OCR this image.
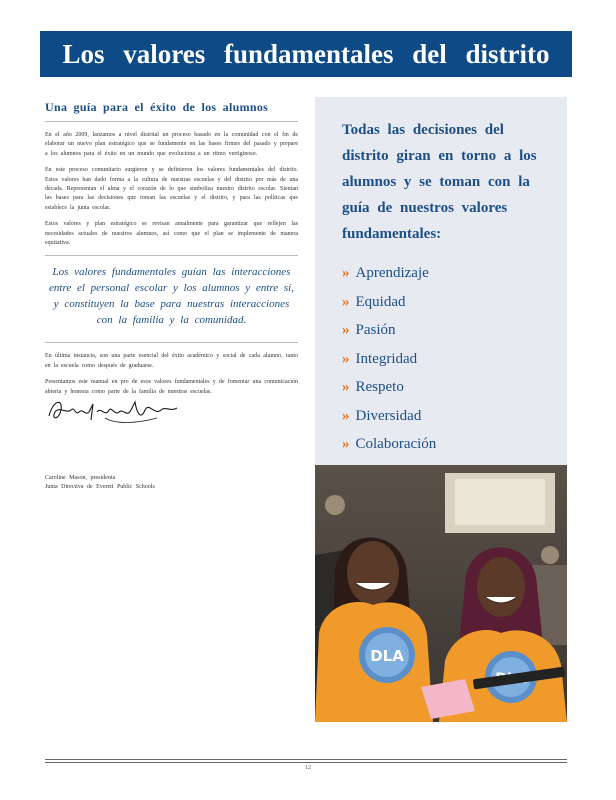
Los valores fundamentales del distrito
Una guía para el éxito de los alumnos

En el año 2009, lanzamos a nivel distrital un proceso basado en la comunidad con el fin de elaborar un nuevo plan estratégico que se fundamente en las bases firmes del pasado y prepare a los alumnos para el éxito en un mundo que evoluciona a un ritmo vertiginoso.

En este proceso comunitario surgieron y se definieron los valores fundamentales del distrito. Estos valores han dado forma a la cultura de nuestras escuelas y del distrito por más de una década. Representan el alma y el corazón de lo que simboliza nuestro distrito escolar. Sientan las bases para las decisiones que toman las escuelas y el distrito, y para las políticas que establece la junta escolar.

Estos valores y plan estratégico se revisan anualmente para garantizar que reflejen las necesidades actuales de nuestros alumnos, así como que el plan se implemente de manera equitativa.

Los valores fundamentales guían las interacciones entre el personal escolar y los alumnos y entre sí, y constituyen la base para nuestras interacciones con la familia y la comunidad.

En última instancia, son una parte esencial del éxito académico y social de cada alumno, tanto en la escuela como después de graduarse.

Presentamos este manual en pro de esos valores fundamentales y de fomentar una comunicación abierta y honesta como parte de la familia de nuestras escuelas.

Caroline Mason, presidenta
Junta Directiva de Everett Public Schools
Todas las decisiones del distrito giran en torno a los alumnos y se toman con la guía de nuestros valores fundamentales:
» Aprendizaje
» Equidad
» Pasión
» Integridad
» Respeto
» Diversidad
» Colaboración
DLA
12
